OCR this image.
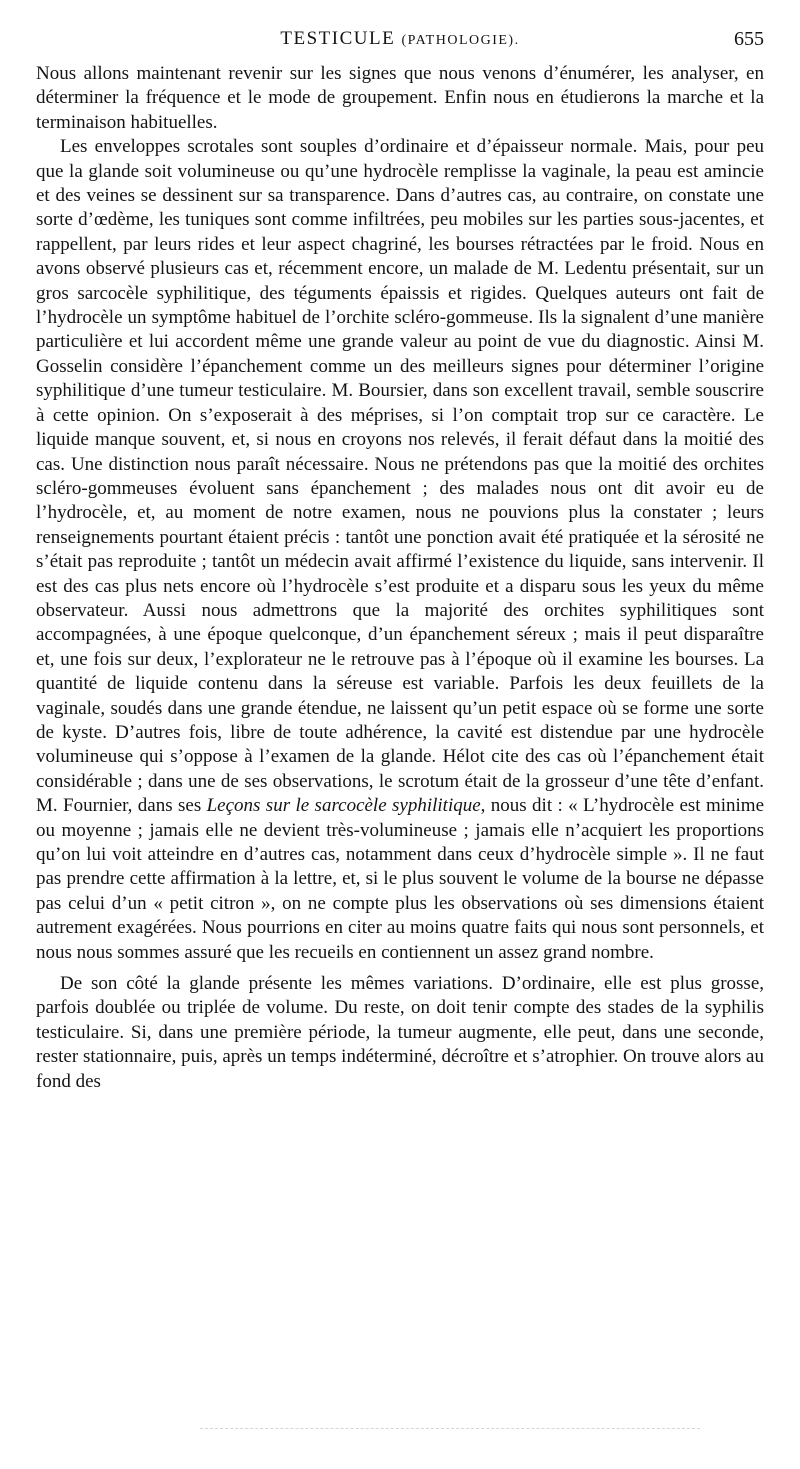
TESTICULE (PATHOLOGIE).	655

Nous allons maintenant revenir sur les signes que nous venons d’énumérer, les analyser, en déterminer la fréquence et le mode de groupement. Enfin nous en étudierons la marche et la terminaison habituelles.

Les enveloppes scrotales sont souples d’ordinaire et d’épaisseur normale. Mais, pour peu que la glande soit volumineuse ou qu’une hydrocèle remplisse la vaginale, la peau est amincie et des veines se dessinent sur sa transparence. Dans d’autres cas, au contraire, on constate une sorte d’œdème, les tuniques sont comme infiltrées, peu mobiles sur les parties sous-jacentes, et rappellent, par leurs rides et leur aspect chagriné, les bourses rétractées par le froid. Nous en avons observé plusieurs cas et, récemment encore, un malade de M. Ledentu présentait, sur un gros sarcocèle syphilitique, des téguments épaissis et rigides. Quelques auteurs ont fait de l’hydrocèle un symptôme habituel de l’orchite scléro-gommeuse. Ils la signalent d’une manière particulière et lui accordent même une grande valeur au point de vue du diagnostic. Ainsi M. Gosselin considère l’épanchement comme un des meilleurs signes pour déterminer l’origine syphilitique d’une tumeur testiculaire. M. Boursier, dans son excellent travail, semble souscrire à cette opinion. On s’exposerait à des méprises, si l’on comptait trop sur ce caractère. Le liquide manque souvent, et, si nous en croyons nos relevés, il ferait défaut dans la moitié des cas. Une distinction nous paraît nécessaire. Nous ne prétendons pas que la moitié des orchites scléro-gommeuses évoluent sans épanchement ; des malades nous ont dit avoir eu de l’hydrocèle, et, au moment de notre examen, nous ne pouvions plus la constater ; leurs renseignements pourtant étaient précis : tantôt une ponction avait été pratiquée et la sérosité ne s’était pas reproduite ; tantôt un médecin avait affirmé l’existence du liquide, sans intervenir. Il est des cas plus nets encore où l’hydrocèle s’est produite et a disparu sous les yeux du même observateur. Aussi nous admettrons que la majorité des orchites syphilitiques sont accompagnées, à une époque quelconque, d’un épanchement séreux ; mais il peut disparaître et, une fois sur deux, l’explorateur ne le retrouve pas à l’époque où il examine les bourses. La quantité de liquide contenu dans la séreuse est variable. Parfois les deux feuillets de la vaginale, soudés dans une grande étendue, ne laissent qu’un petit espace où se forme une sorte de kyste. D’autres fois, libre de toute adhérence, la cavité est distendue par une hydrocèle volumineuse qui s’oppose à l’examen de la glande. Hélot cite des cas où l’épanchement était considérable ; dans une de ses observations, le scrotum était de la grosseur d’une tête d’enfant. M. Fournier, dans ses Leçons sur le sarcocèle syphilitique, nous dit : « L’hydrocèle est minime ou moyenne ; jamais elle ne devient très-volumineuse ; jamais elle n’acquiert les proportions qu’on lui voit atteindre en d’autres cas, notamment dans ceux d’hydrocèle simple ». Il ne faut pas prendre cette affirmation à la lettre, et, si le plus souvent le volume de la bourse ne dépasse pas celui d’un « petit citron », on ne compte plus les observations où ses dimensions étaient autrement exagérées. Nous pourrions en citer au moins quatre faits qui nous sont personnels, et nous nous sommes assuré que les recueils en contiennent un assez grand nombre.

De son côté la glande présente les mêmes variations. D’ordinaire, elle est plus grosse, parfois doublée ou triplée de volume. Du reste, on doit tenir compte des stades de la syphilis testiculaire. Si, dans une première période, la tumeur augmente, elle peut, dans une seconde, rester stationnaire, puis, après un temps indéterminé, décroître et s’atrophier. On trouve alors au fond des
